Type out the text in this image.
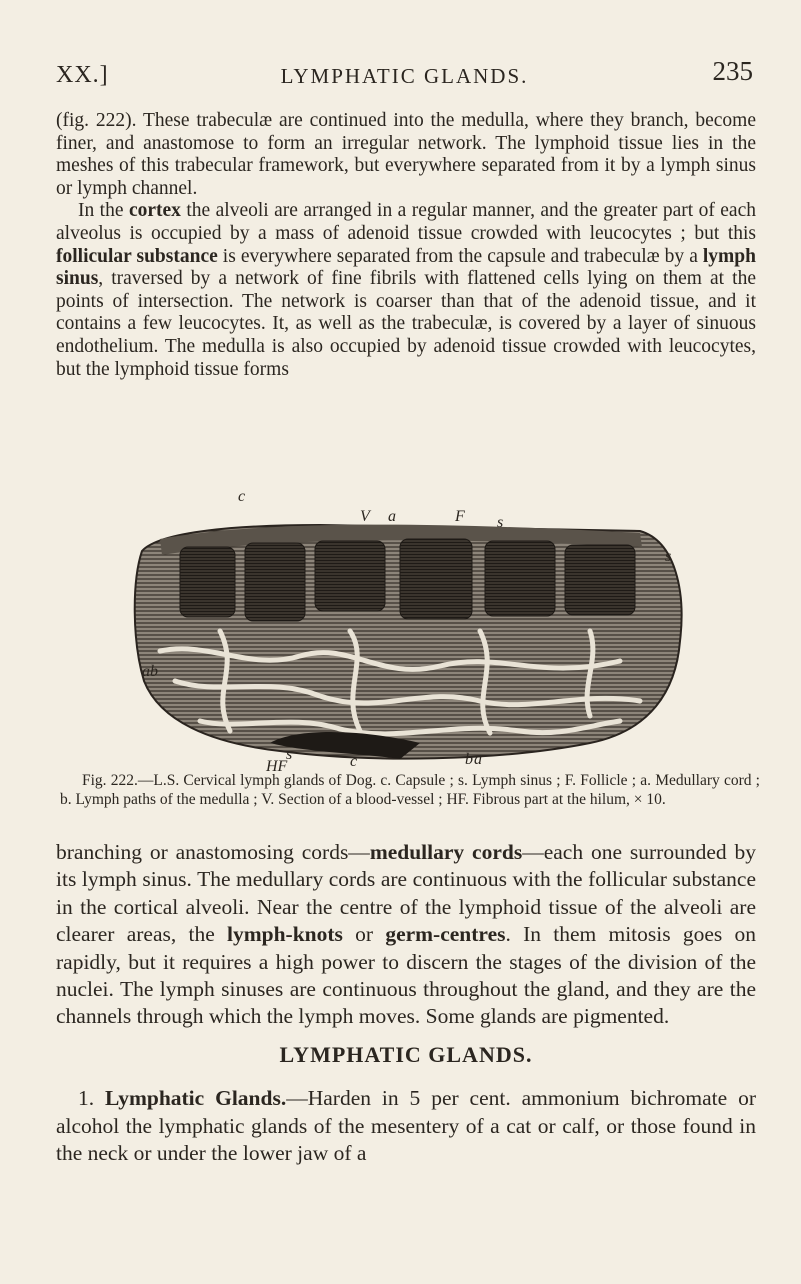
XX.]	LYMPHATIC GLANDS.	235

(fig. 222). These trabeculæ are continued into the medulla, where they branch, become finer, and anastomose to form an irregular network. The lymphoid tissue lies in the meshes of this trabecular framework, but everywhere separated from it by a lymph sinus or lymph channel.

In the cortex the alveoli are arranged in a regular manner, and the greater part of each alveolus is occupied by a mass of adenoid tissue crowded with leucocytes ; but this follicular substance is everywhere separated from the capsule and trabeculæ by a lymph sinus, traversed by a network of fine fibrils with flattened cells lying on them at the points of intersection. The network is coarser than that of the adenoid tissue, and it contains a few leucocytes. It, as well as the trabeculæ, is covered by a layer of sinuous endothelium. The medulla is also occupied by adenoid tissue crowded with leucocytes, but the lymphoid tissue forms

c
V a	F s
s
a b
b a
HF
s	c
Fig. 222.—L.S. Cervical lymph glands of Dog. c. Capsule ; s. Lymph sinus ; F. Follicle ; a. Medullary cord ; b. Lymph paths of the medulla ; V. Section of a blood-vessel ; HF. Fibrous part at the hilum, × 10.

branching or anastomosing cords—medullary cords—each one surrounded by its lymph sinus. The medullary cords are continuous with the follicular substance in the cortical alveoli. Near the centre of the lymphoid tissue of the alveoli are clearer areas, the lymph-knots or germ-centres. In them mitosis goes on rapidly, but it requires a high power to discern the stages of the division of the nuclei. The lymph sinuses are continuous throughout the gland, and they are the channels through which the lymph moves. Some glands are pigmented.

LYMPHATIC GLANDS.

1. Lymphatic Glands.—Harden in 5 per cent. ammonium bichromate or alcohol the lymphatic glands of the mesentery of a cat or calf, or those found in the neck or under the lower jaw of a
